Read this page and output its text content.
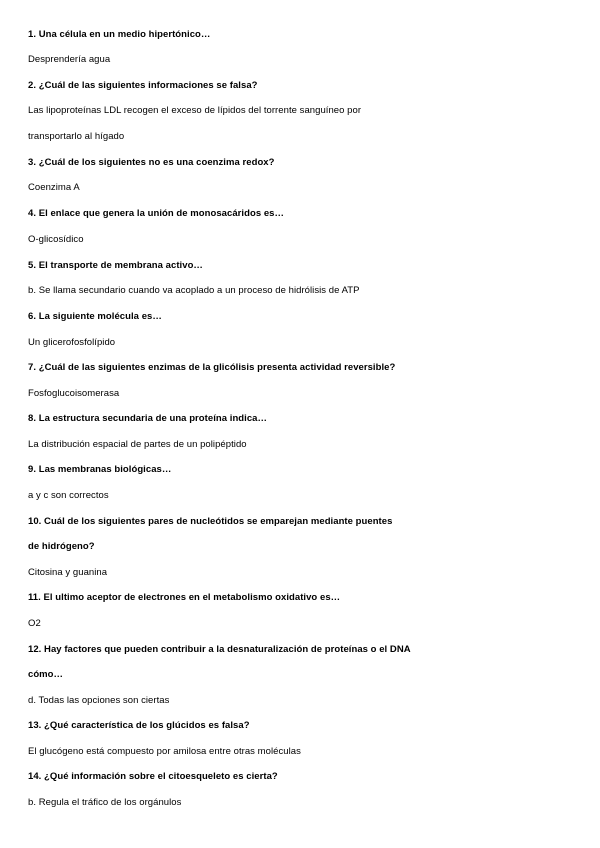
1. Una célula en un medio hipertónico…
Desprendería agua
2. ¿Cuál de las siguientes informaciones se falsa?
Las lipoproteínas LDL recogen el exceso de lípidos del torrente sanguíneo por
transportarlo al hígado
3. ¿Cuál de los siguientes no es una coenzima redox?
Coenzima A
4. El enlace que genera la unión de monosacáridos es…
O-glicosídico
5. El transporte de membrana activo…
b. Se llama secundario cuando va acoplado a un proceso de hidrólisis de ATP
6. La siguiente molécula es…
Un glicerofosfolípido
7. ¿Cuál de las siguientes enzimas de la glicólisis presenta actividad reversible?
Fosfoglucoisomerasa
8. La estructura secundaria de una proteína indica…
La distribución espacial de partes de un polipéptido
9. Las membranas biológicas…
a y c son correctos
10. Cuál de los siguientes pares de nucleótidos se emparejan mediante puentes
de hidrógeno?
Citosina y guanina
11. El ultimo aceptor de electrones en el metabolismo oxidativo es…
O2
12. Hay factores que pueden contribuir a la desnaturalización de proteínas o el DNA
cómo…
d. Todas las opciones son ciertas
13. ¿Qué característica de los glúcidos es falsa?
El glucógeno está compuesto por amilosa entre otras moléculas
14. ¿Qué información sobre el citoesqueleto es cierta?
b. Regula el tráfico de los orgánulos
